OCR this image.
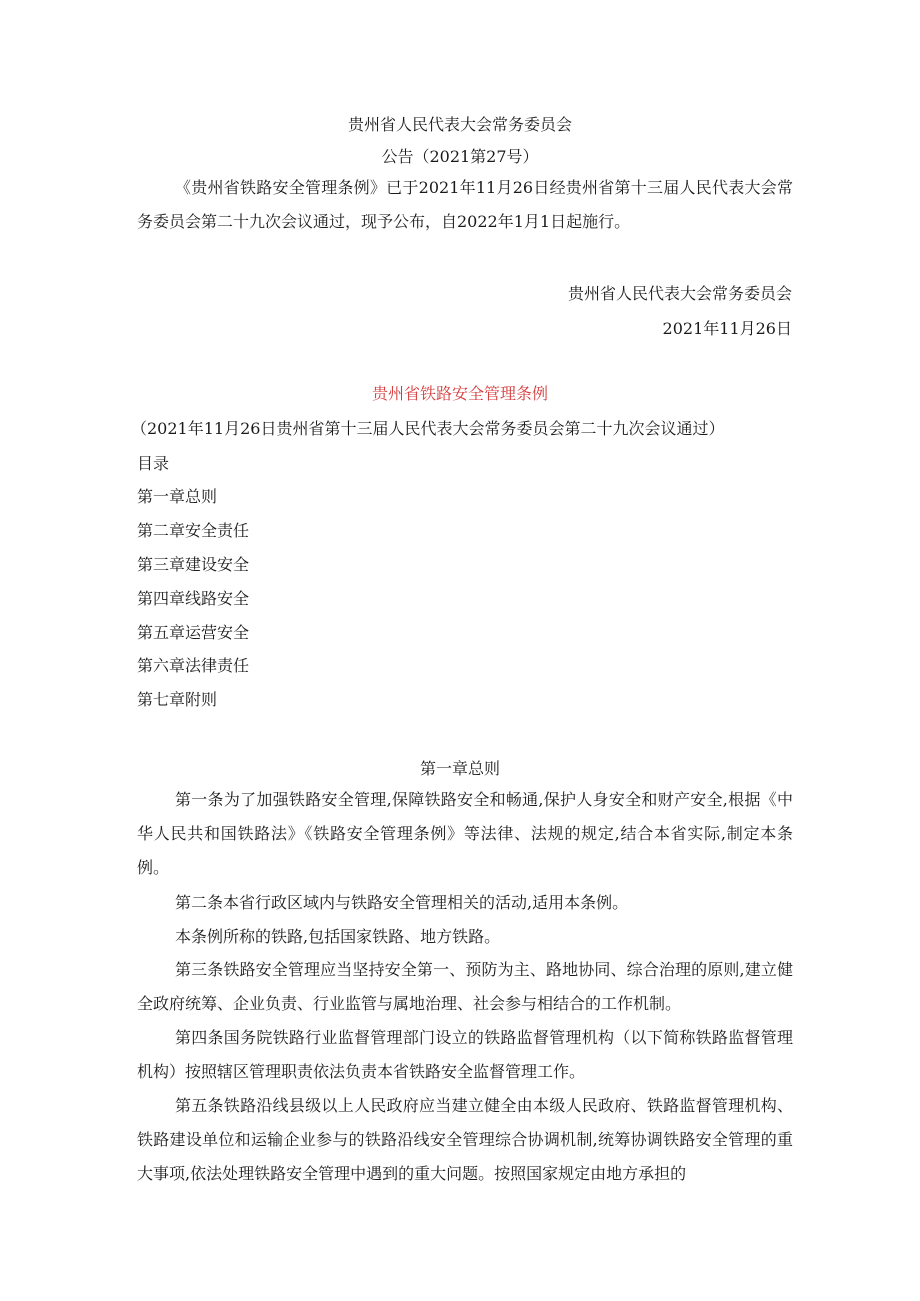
贵州省人民代表大会常务委员会
公告（2021第27号）

《贵州省铁路安全管理条例》已于2021年11月26日经贵州省第十三届人民代表大会常务委员会第二十九次会议通过，现予公布，自2022年1月1日起施行。

贵州省人民代表大会常务委员会
2021年11月26日
贵州省铁路安全管理条例
（2021年11月26日贵州省第十三届人民代表大会常务委员会第二十九次会议通过）
目录
第一章总则
第二章安全责任
第三章建设安全
第四章线路安全
第五章运营安全
第六章法律责任
第七章附则
第一章总则

第一条为了加强铁路安全管理,保障铁路安全和畅通,保护人身安全和财产安全,根据《中华人民共和国铁路法》《铁路安全管理条例》等法律、法规的规定,结合本省实际,制定本条例。

第二条本省行政区域内与铁路安全管理相关的活动,适用本条例。

本条例所称的铁路,包括国家铁路、地方铁路。

第三条铁路安全管理应当坚持安全第一、预防为主、路地协同、综合治理的原则,建立健全政府统筹、企业负责、行业监管与属地治理、社会参与相结合的工作机制。

第四条国务院铁路行业监督管理部门设立的铁路监督管理机构（以下简称铁路监督管理机构）按照辖区管理职责依法负责本省铁路安全监督管理工作。

第五条铁路沿线县级以上人民政府应当建立健全由本级人民政府、铁路监督管理机构、铁路建设单位和运输企业参与的铁路沿线安全管理综合协调机制,统筹协调铁路安全管理的重大事项,依法处理铁路安全管理中遇到的重大问题。按照国家规定由地方承担的
